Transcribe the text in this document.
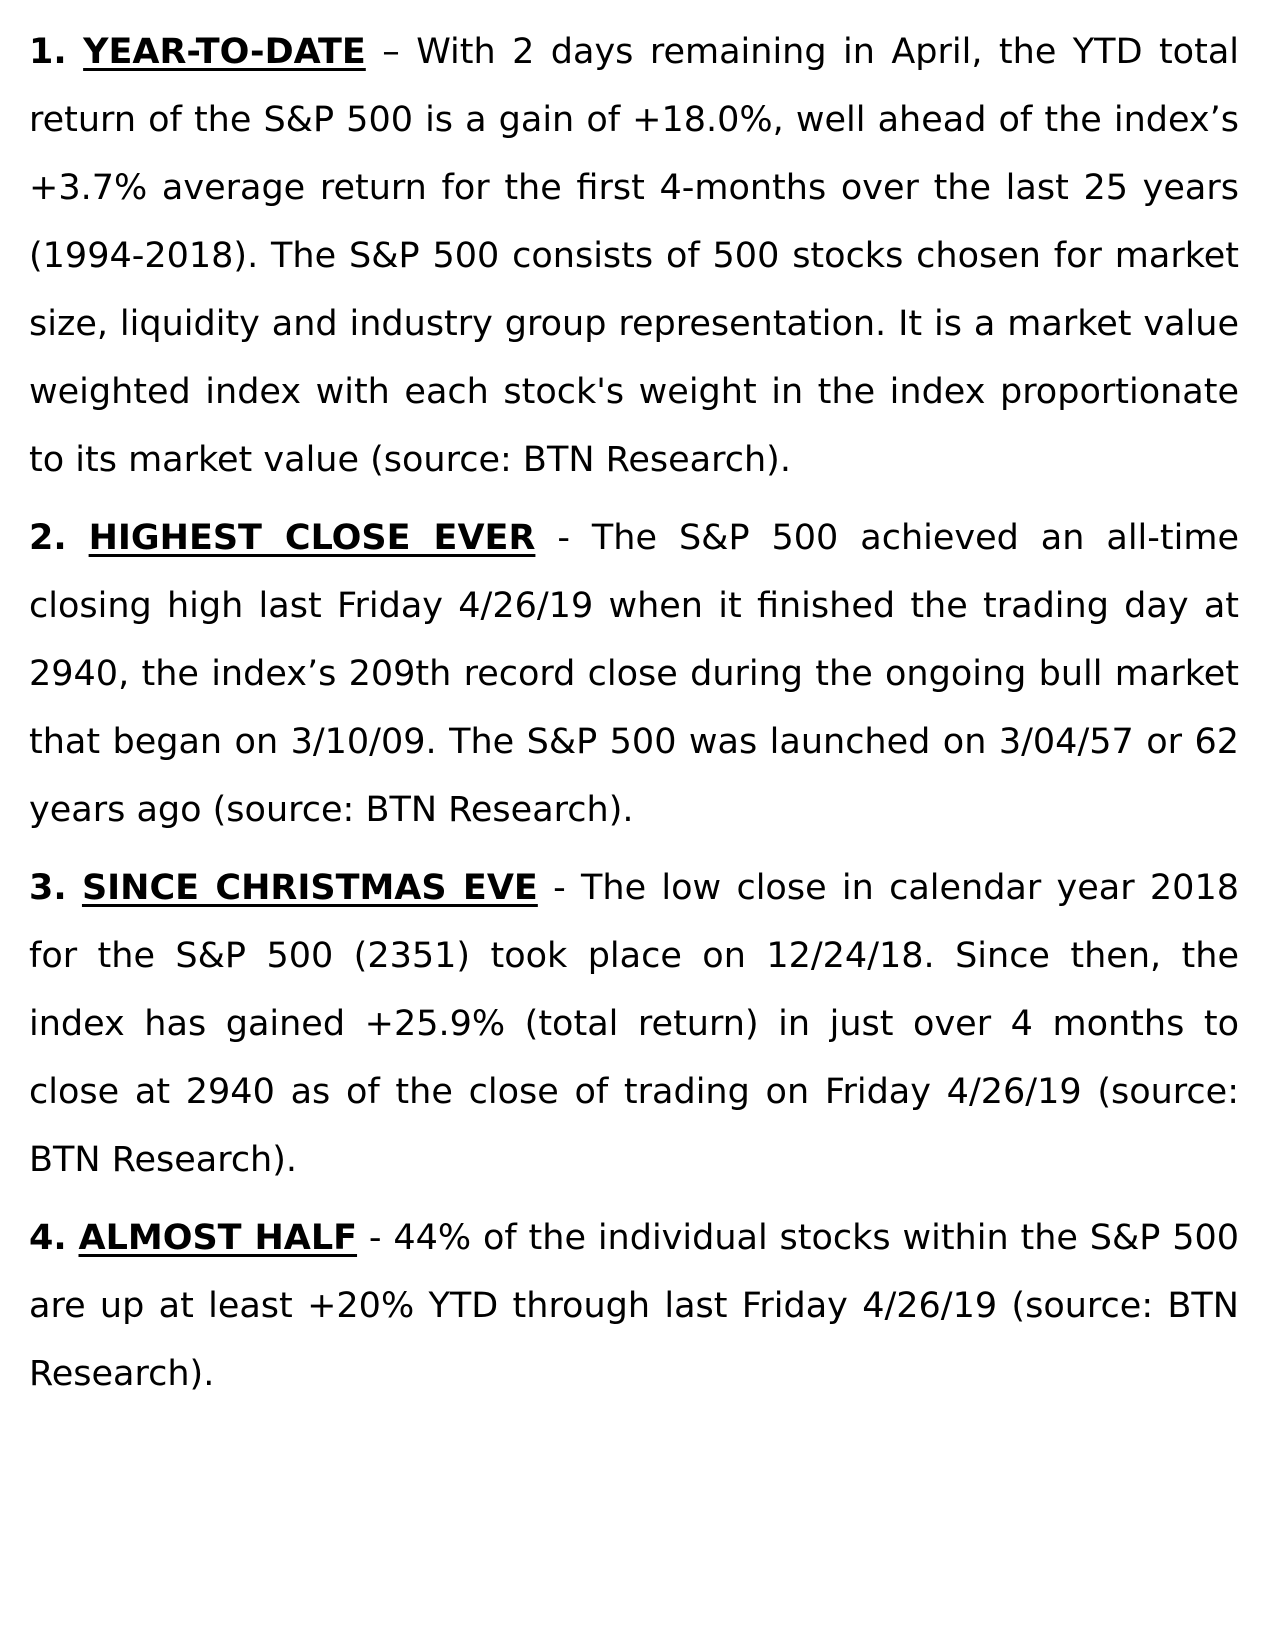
1. YEAR-TO-DATE – With 2 days remaining in April, the YTD total return of the S&P 500 is a gain of +18.0%, well ahead of the index’s +3.7% average return for the first 4-months over the last 25 years (1994-2018). The S&P 500 consists of 500 stocks chosen for market size, liquidity and industry group representation. It is a market value weighted index with each stock's weight in the index proportionate to its market value (source: BTN Research).

2. HIGHEST CLOSE EVER - The S&P 500 achieved an all-time closing high last Friday 4/26/19 when it finished the trading day at 2940, the index’s 209th record close during the ongoing bull market that began on 3/10/09. The S&P 500 was launched on 3/04/57 or 62 years ago (source: BTN Research).

3. SINCE CHRISTMAS EVE - The low close in calendar year 2018 for the S&P 500 (2351) took place on 12/24/18. Since then, the index has gained +25.9% (total return) in just over 4 months to close at 2940 as of the close of trading on Friday 4/26/19 (source: BTN Research).

4. ALMOST HALF - 44% of the individual stocks within the S&P 500 are up at least +20% YTD through last Friday 4/26/19 (source: BTN Research).
